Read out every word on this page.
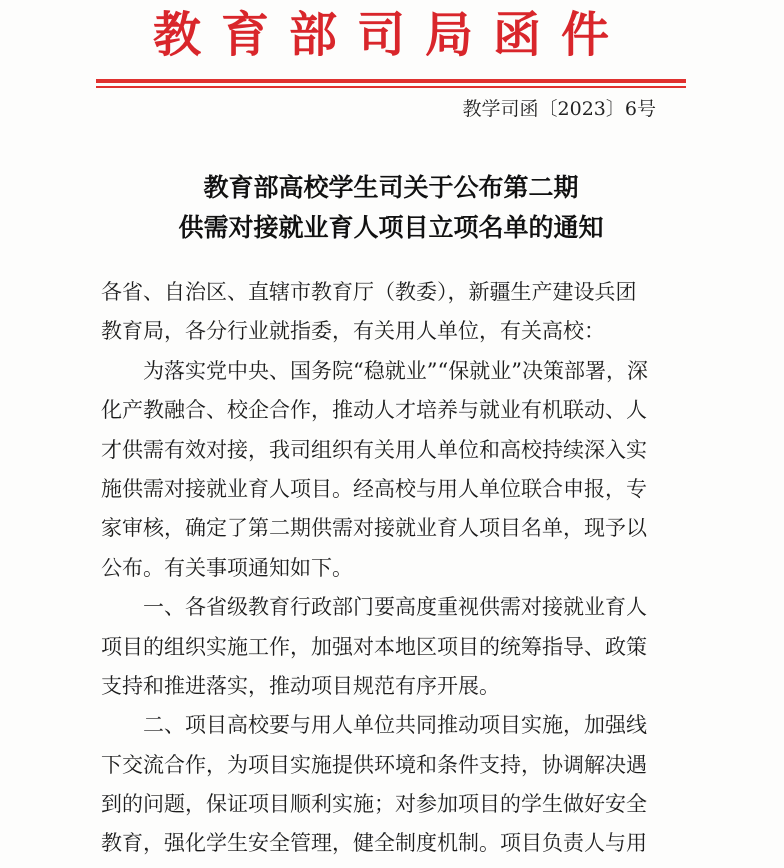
教育部司局函件
教学司函〔2023〕6号
教育部高校学生司关于公布第二期
供需对接就业育人项目立项名单的通知
各省、自治区、直辖市教育厅（教委），新疆生产建设兵团
教育局，各分行业就指委，有关用人单位，有关高校：
为落实党中央、国务院“稳就业”“保就业”决策部署，深
化产教融合、校企合作，推动人才培养与就业有机联动、人
才供需有效对接，我司组织有关用人单位和高校持续深入实
施供需对接就业育人项目。经高校与用人单位联合申报，专
家审核，确定了第二期供需对接就业育人项目名单，现予以
公布。有关事项通知如下。
一、各省级教育行政部门要高度重视供需对接就业育人
项目的组织实施工作，加强对本地区项目的统筹指导、政策
支持和推进落实，推动项目规范有序开展。
二、项目高校要与用人单位共同推动项目实施，加强线
下交流合作，为项目实施提供环境和条件支持，协调解决遇
到的问题，保证项目顺利实施；对参加项目的学生做好安全
教育，强化学生安全管理，健全制度机制。项目负责人与用
